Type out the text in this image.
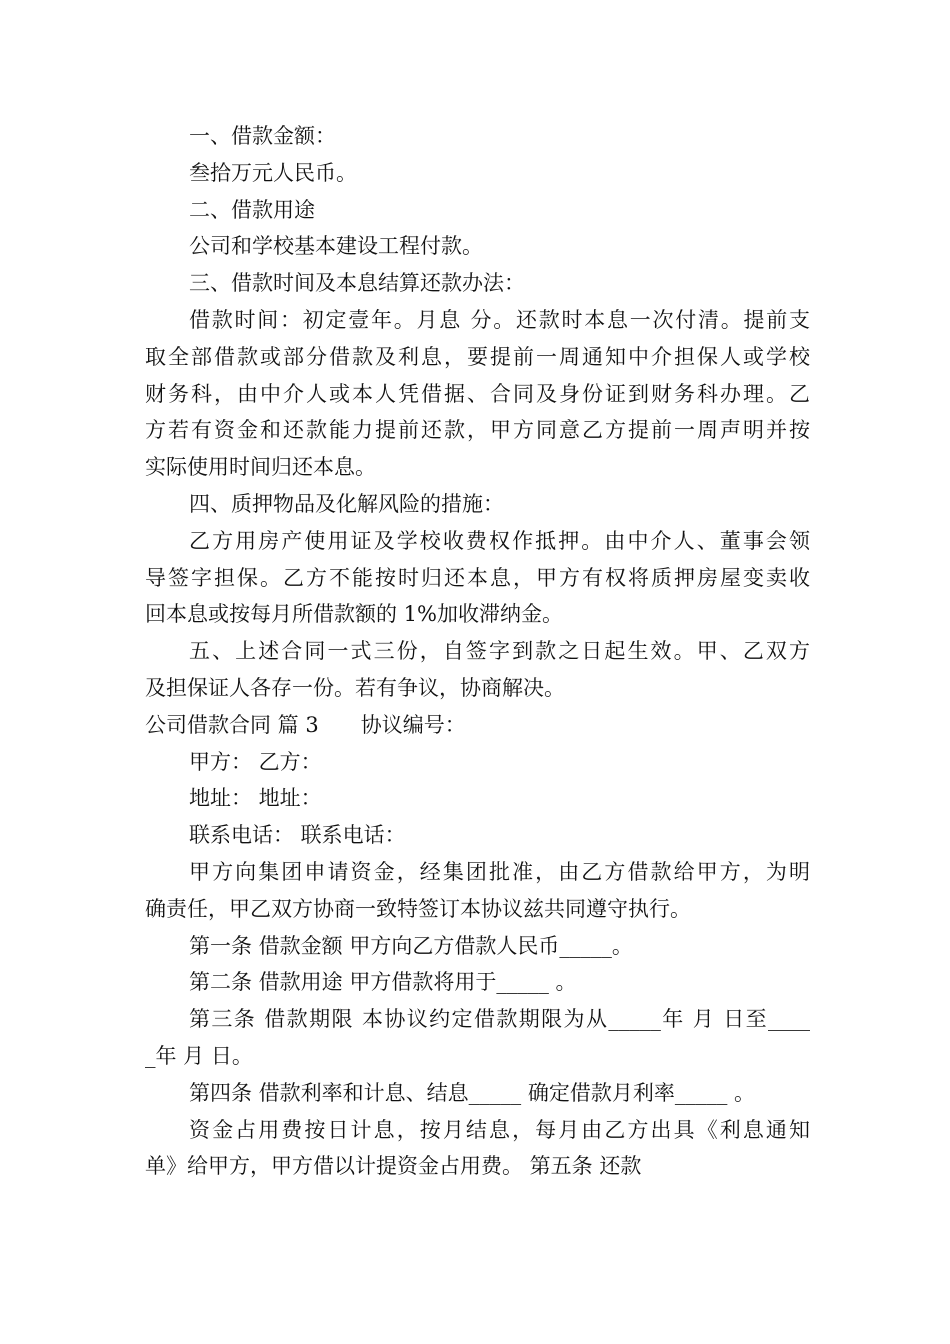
一、借款金额：
叁拾万元人民币。
二、借款用途
公司和学校基本建设工程付款。
三、借款时间及本息结算还款办法：
借款时间：初定壹年。月息 分。还款时本息一次付清。提前支
取全部借款或部分借款及利息，要提前一周通知中介担保人或学校
财务科，由中介人或本人凭借据、合同及身份证到财务科办理。乙
方若有资金和还款能力提前还款，甲方同意乙方提前一周声明并按
实际使用时间归还本息。
四、质押物品及化解风险的措施：
乙方用房产使用证及学校收费权作抵押。由中介人、董事会领
导签字担保。乙方不能按时归还本息，甲方有权将质押房屋变卖收
回本息或按每月所借款额的 1%加收滞纳金。
五、上述合同一式三份，自签字到款之日起生效。甲、乙双方
及担保证人各存一份。若有争议，协商解决。
公司借款合同 篇 3　　协议编号：
甲方： 乙方：
地址： 地址：
联系电话： 联系电话：
甲方向集团申请资金，经集团批准，由乙方借款给甲方，为明
确责任，甲乙双方协商一致特签订本协议兹共同遵守执行。
第一条 借款金额 甲方向乙方借款人民币_____。
第二条 借款用途 甲方借款将用于_____ 。
第三条 借款期限 本协议约定借款期限为从_____年 月 日至____
_年 月 日。
第四条 借款利率和计息、结息_____ 确定借款月利率_____ 。
资金占用费按日计息，按月结息，每月由乙方出具《利息通知
单》给甲方，甲方借以计提资金占用费。 第五条 还款
